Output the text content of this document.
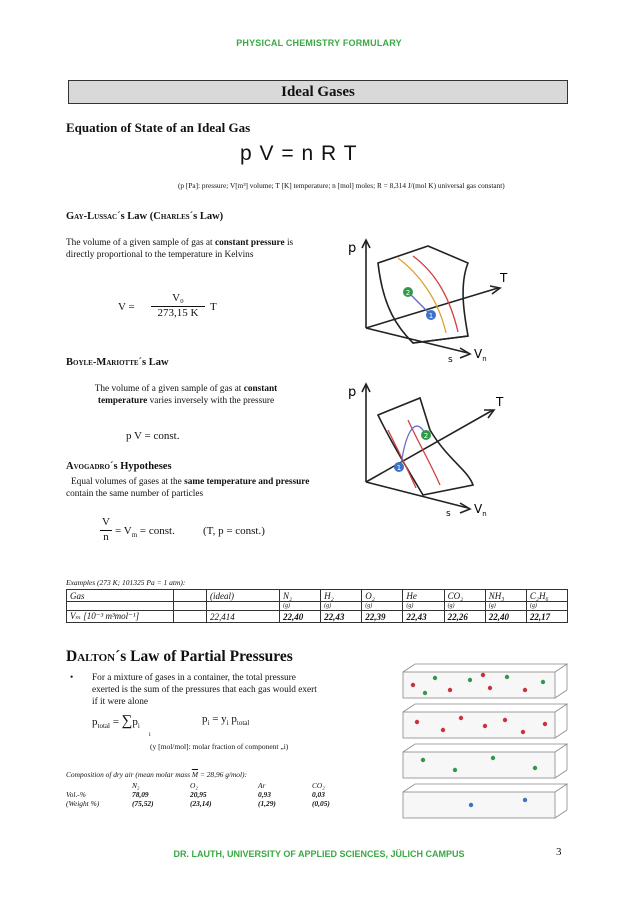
PHYSICAL CHEMISTRY FORMULARY
Ideal Gases
Equation of State of an Ideal Gas
p V = n R T
(p [Pa]: pressure; V[m³] volume; T [K] temperature; n [mol] moles; R = 8,314 J/(mol K) universal gas constant)
Gay-Lussac´s Law (Charles´s Law)
The volume of a given sample of gas at constant pressure is directly proportional to the temperature in Kelvins
V =
V₀
273,15 K	T
Boyle-Mariotte´s Law
The volume of a given sample of gas at constant temperature varies inversely with the pressure
p V = const.
Avogadro´s Hypotheses
Equal volumes of gases at the same temperature and pressure contain the same number of particles
V
$n = V_m$ = const.	(T, p = const.)
2
1
p
T
$V_n$
s
2
1
p
T
$V_n$
s
Examples (273 K; 101325 Pa = 1 atm):
Gas		(ideal)	N₂	H₂	O₂	He	CO₂	NH₃	C₂H₆
			(g)	(g)	(g)	(g)	(g)	(g)	(g)
Vₘ [10⁻³ m³mol⁻¹]		22,414	22,40	22,43	22,39	22,43	22,26	22,40	22,17
Dalton´s Law of Partial Pressures
• For a mixture of gases in a container, the total pressure exerted is the sum of the pressures that each gas would exert if it were alone
$p_{total} = \sum p_i$
i
$p_i = y_i$ $p_{total}$
(y [mol/mol]: molar fraction of component „i)
Composition of dry air (mean molar mass $\overline{M} = 28,96$ g/mol):
	N₂	O₂	Ar	CO₂
Vol.-%	78,09	20,95	0,93	0,03
(Weight %)	(75,52)	(23,14)	(1,29)	(0,05)
DR. LAUTH, UNIVERSITY OF APPLIED SCIENCES, JÜLICH CAMPUS	3
